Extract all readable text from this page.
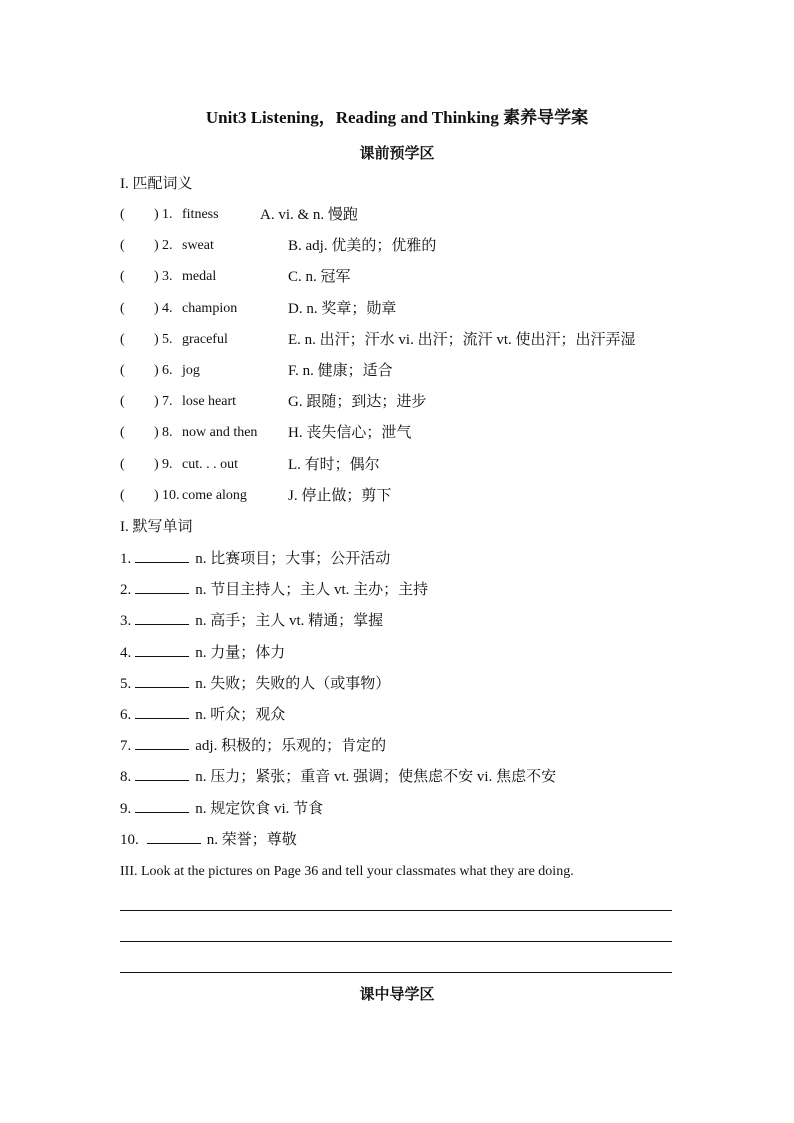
Unit3 Listening，Reading and Thinking 素养导学案
课前预学区
I. 匹配词义
( ) 1. fitness	A. vi. & n. 慢跑
( ) 2. sweat	B. adj. 优美的；优雅的
( ) 3. medal	C. n. 冠军
( ) 4. champion	D. n. 奖章；勋章
( ) 5. graceful	E. n. 出汗；汗水 vi. 出汗；流汗 vt. 使出汗；出汗弄湿
( ) 6. jog	F. n. 健康；适合
( ) 7. lose heart	G. 跟随；到达；进步
( ) 8. now and then H. 丧失信心；泄气
( ) 9. cut. . . out	L. 有时；偶尔
( ) 10. come along	J. 停止做；剪下
I. 默写单词
1.	n. 比赛项目；大事；公开活动
2.	n. 节目主持人；主人 vt. 主办；主持
3.	n. 高手；主人 vt. 精通；掌握
4.	n. 力量；体力
5.	n. 失败；失败的人（或事物）
6.	n. 听众；观众
7.	adj. 积极的；乐观的；肯定的
8.	n. 压力；紧张；重音 vt. 强调；使焦虑不安 vi. 焦虑不安
9.	n. 规定饮食 vi. 节食
10.	n. 荣誉；尊敬
III. Look at the pictures on Page 36 and tell your classmates what they are doing.
课中导学区
